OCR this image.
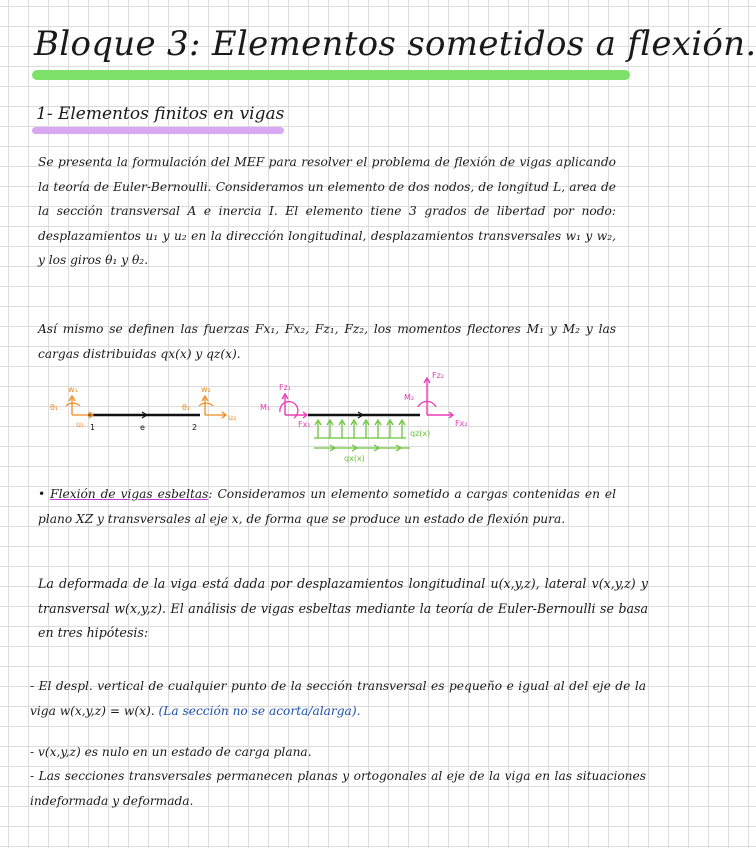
Bloque 3: Elementos sometidos a flexión.
1- Elementos finitos en vigas

Se presenta la formulación del MEF para resolver el problema de flexión de vigas aplicando la teoría de Euler-Bernoulli. Consideramos un elemento de dos nodos, de longitud L, area de la sección transversal A e inercia I. El elemento tiene 3 grados de libertad por nodo: desplazamientos u₁ y u₂ en la dirección longitudinal, desplazamientos transversales w₁ y w₂, y los giros θ₁ y θ₂.

Así mismo se definen las fuerzas Fx₁, Fx₂, Fz₁, Fz₂, los momentos flectores M₁ y M₂ y las cargas distribuidas qx(x) y qz(x).

w₁
θ₁
u₁
w₂
θ₂
u₂
1	2
e
Fz₁
M₁
Fx₁
Fz₂
M₂
Fx₂
qz(x)
qx(x)

• Flexión de vigas esbeltas: Consideramos un elemento sometido a cargas contenidas en el plano XZ y transversales al eje x, de forma que se produce un estado de flexión pura.

La deformada de la viga está dada por desplazamientos longitudinal u(x,y,z), lateral v(x,y,z) y transversal w(x,y,z). El análisis de vigas esbeltas mediante la teoría de Euler-Bernoulli se basa en tres hipótesis:

- El despl. vertical de cualquier punto de la sección transversal es pequeño e igual al del eje de la viga w(x,y,z) = w(x). (La sección no se acorta/alarga).

- v(x,y,z) es nulo en un estado de carga plana.

- Las secciones transversales permanecen planas y ortogonales al eje de la viga en las situaciones indeformada y deformada.
